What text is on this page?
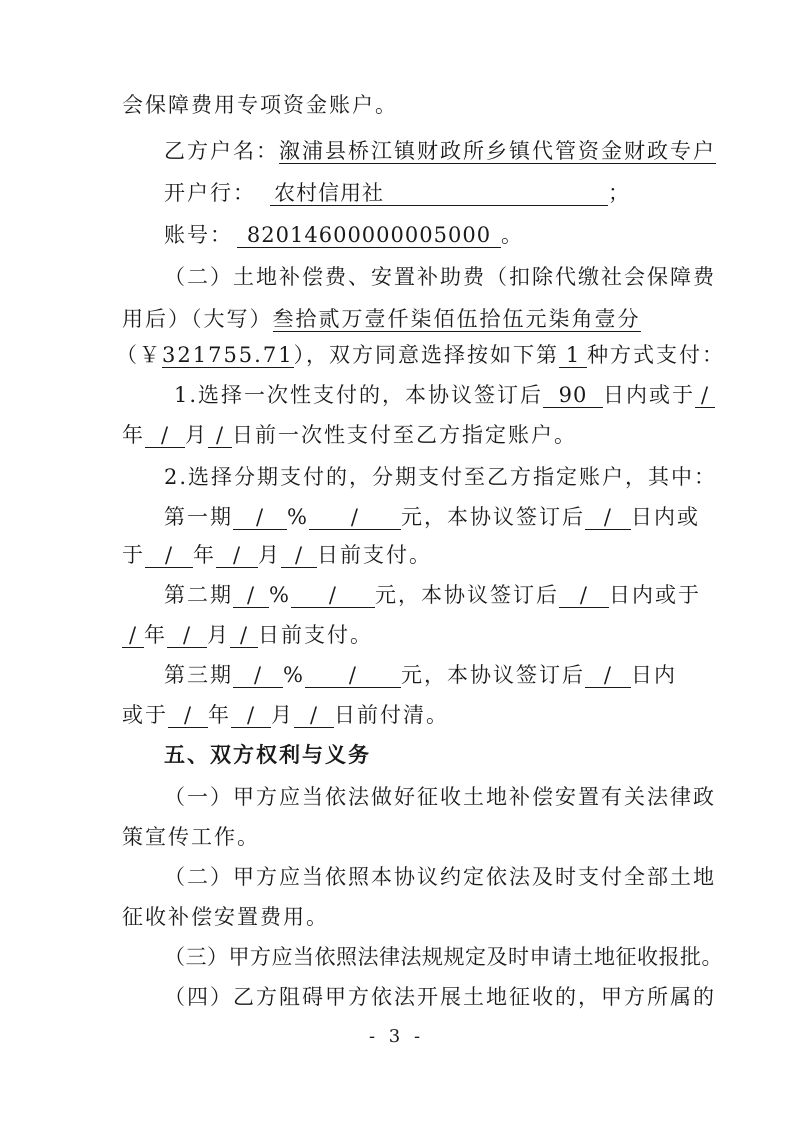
会保障费用专项资金账户。
乙方户名：溆浦县桥江镇财政所乡镇代管资金财政专户
开户行： 农村信用社	；
账号： 82014600000005000 。
（二）土地补偿费、安置补助费（扣除代缴社会保障费
用后）（大写）叁拾贰万壹仟柒佰伍拾伍元柒角壹分
（￥321755.71），双方同意选择按如下第 1 种方式支付：
1.选择一次性支付的，本协议签订后 90 日内或于 /
年 / 月 / 日前一次性支付至乙方指定账户。
2.选择分期支付的，分期支付至乙方指定账户，其中：
第一期 / % / 元，本协议签订后 / 日内或
于 / 年 / 月 / 日前支付。
第二期 / % / 元，本协议签订后 / 日内或于
/ 年 / 月 / 日前支付。
第三期 / % / 元，本协议签订后 / 日内
或于 / 年 / 月 / 日前付清。
五、双方权利与义务
（一）甲方应当依法做好征收土地补偿安置有关法律政
策宣传工作。
（二）甲方应当依照本协议约定依法及时支付全部土地
征收补偿安置费用。
（三）甲方应当依照法律法规规定及时申请土地征收报批。
（四）乙方阻碍甲方依法开展土地征收的，甲方所属的
- 3 -
